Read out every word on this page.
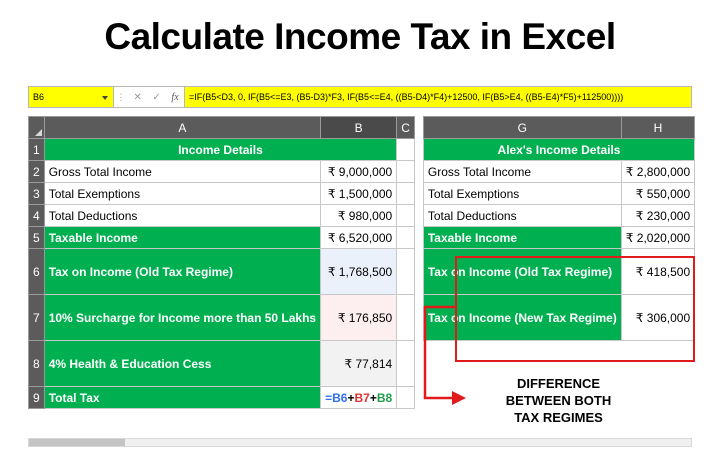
Calculate Income Tax in Excel
B6	⋮ ✕ ✓ fx	=IF(B5<D3, 0, IF(B5<=E3, (B5-D3)*F3, IF(B5<=E4, ((B5-D4)*F4)+12500, IF(B5>E4, ((B5-E4)*F5)+112500))))
	A	B	C		G	H
1	Income Details				Alex's Income Details	
2	Gross Total Income	₹ 9,000,000			Gross Total Income	₹ 2,800,000
3	Total Exemptions	₹ 1,500,000			Total Exemptions	₹ 550,000
4	Total Deductions	₹ 980,000			Total Deductions	₹ 230,000
5	Taxable Income	₹ 6,520,000			Taxable Income	₹ 2,020,000
6	Tax on Income (Old Tax Regime)	₹ 1,768,500			Tax on Income (Old Tax Regime)	₹ 418,500
7	10% Surcharge for Income more than 50 Lakhs	₹ 176,850			Tax on Income (New Tax Regime)	₹ 306,000
8	4% Health & Education Cess	₹ 77,814				
9	Total Tax	=B6+B7+B8				
DIFFERENCE
BETWEEN BOTH
TAX REGIMES
